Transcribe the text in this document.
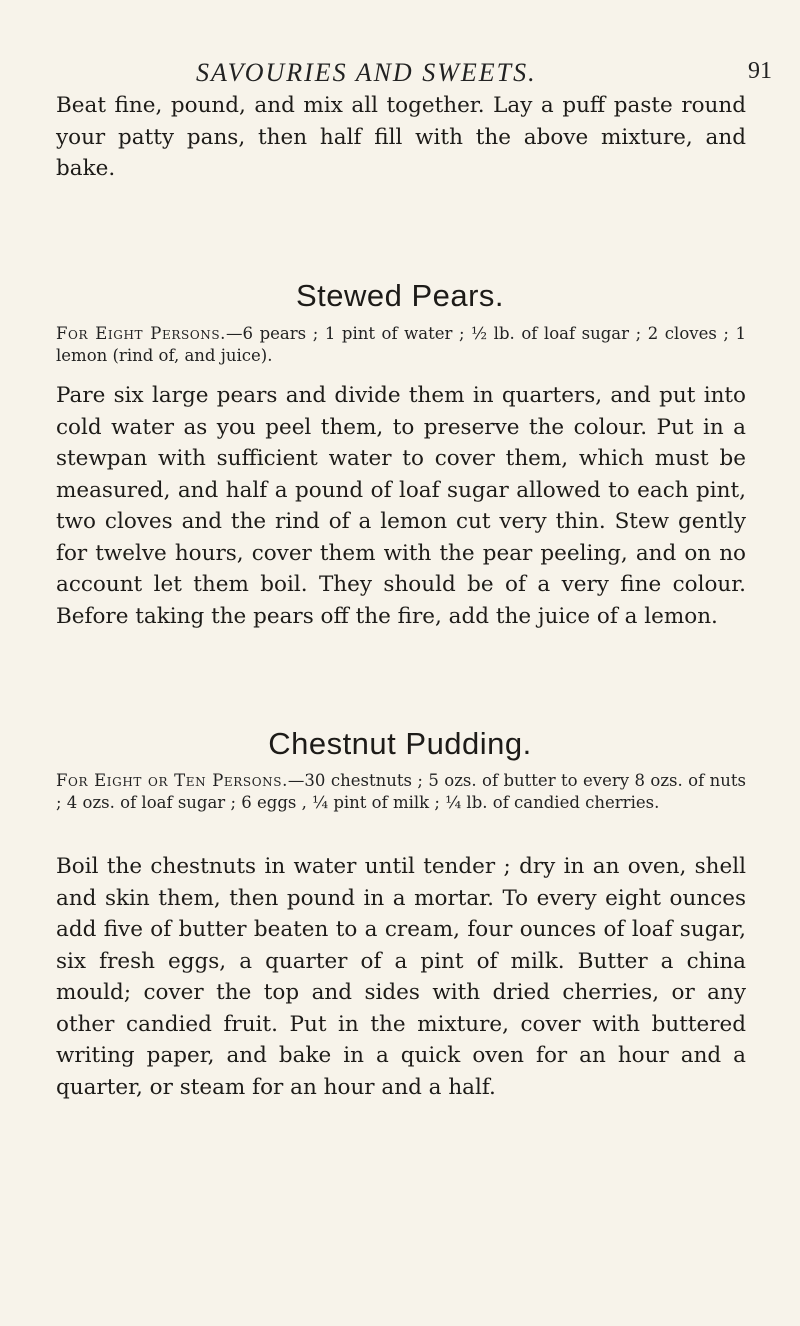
SAVOURIES AND SWEETS.	91

Beat fine, pound, and mix all together. Lay a puff paste round your patty pans, then half fill with the above mixture, and bake.

Stewed Pears.

For Eight Persons.—6 pears ; 1 pint of water ; ½ lb. of loaf sugar ; 2 cloves ; 1 lemon (rind of, and juice).

Pare six large pears and divide them in quarters, and put into cold water as you peel them, to preserve the colour. Put in a stewpan with sufficient water to cover them, which must be measured, and half a pound of loaf sugar allowed to each pint, two cloves and the rind of a lemon cut very thin. Stew gently for twelve hours, cover them with the pear peeling, and on no account let them boil. They should be of a very fine colour. Before taking the pears off the fire, add the juice of a lemon.

Chestnut Pudding.

For Eight or Ten Persons.—30 chestnuts ; 5 ozs. of butter to every 8 ozs. of nuts ; 4 ozs. of loaf sugar ; 6 eggs , ¼ pint of milk ; ¼ lb. of candied cherries.

Boil the chestnuts in water until tender ; dry in an oven, shell and skin them, then pound in a mortar. To every eight ounces add five of butter beaten to a cream, four ounces of loaf sugar, six fresh eggs, a quarter of a pint of milk. Butter a china mould; cover the top and sides with dried cherries, or any other candied fruit. Put in the mixture, cover with buttered writing paper, and bake in a quick oven for an hour and a quarter, or steam for an hour and a half.
